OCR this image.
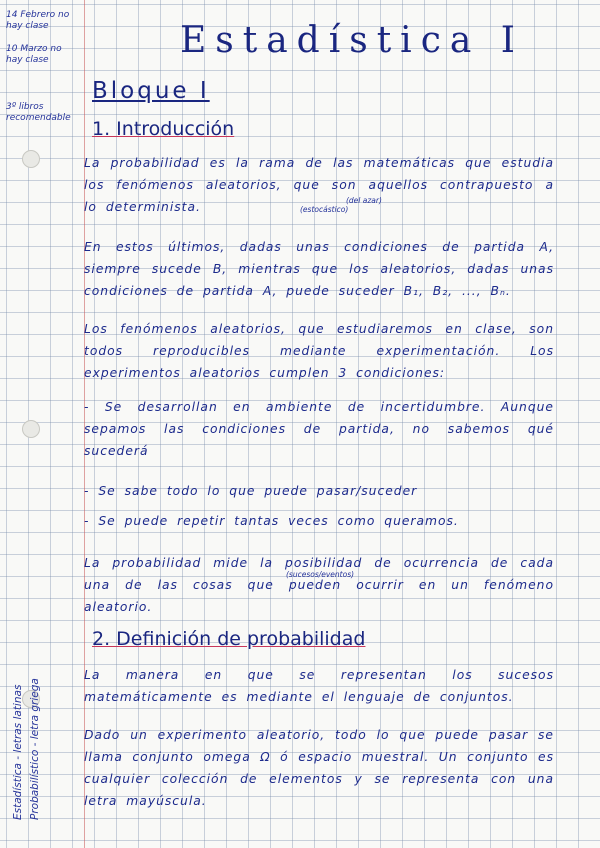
14 Febrero no hay clase
10 Marzo no hay clase
3º libros recomendable
Estadística - letras latinas Probabilístico - letra griega
Estadística I
Bloque I
1. Introducción
La probabilidad es la rama de las matemáticas que estudia los fenómenos aleatorios, que son aquellos contrapuesto a lo determinista.	(del azar)
(estocástico)
En estos últimos, dadas unas condiciones de partida A, siempre sucede B, mientras que los aleatorios, dadas unas condiciones de partida A, puede suceder B₁, B₂, ..., Bₙ.
Los fenómenos aleatorios, que estudiaremos en clase, son todos reproducibles mediante experimentación. Los experimentos aleatorios cumplen 3 condiciones:
- Se desarrollan en ambiente de incertidumbre. Aunque sepamos las condiciones de partida, no sabemos qué sucederá
- Se sabe todo lo que puede pasar/suceder
- Se puede repetir tantas veces como queramos.
La probabilidad mide la posibilidad de ocurrencia de cada una de las cosas que pueden ocurrir en un fenómeno aleatorio.
(sucesos/eventos)
2. Definición de probabilidad
La manera en que se representan los sucesos matemáticamente es mediante el lenguaje de conjuntos.
Dado un experimento aleatorio, todo lo que puede pasar se llama conjunto omega Ω ó espacio muestral. Un conjunto es cualquier colección de elementos y se representa con una letra mayúscula.
